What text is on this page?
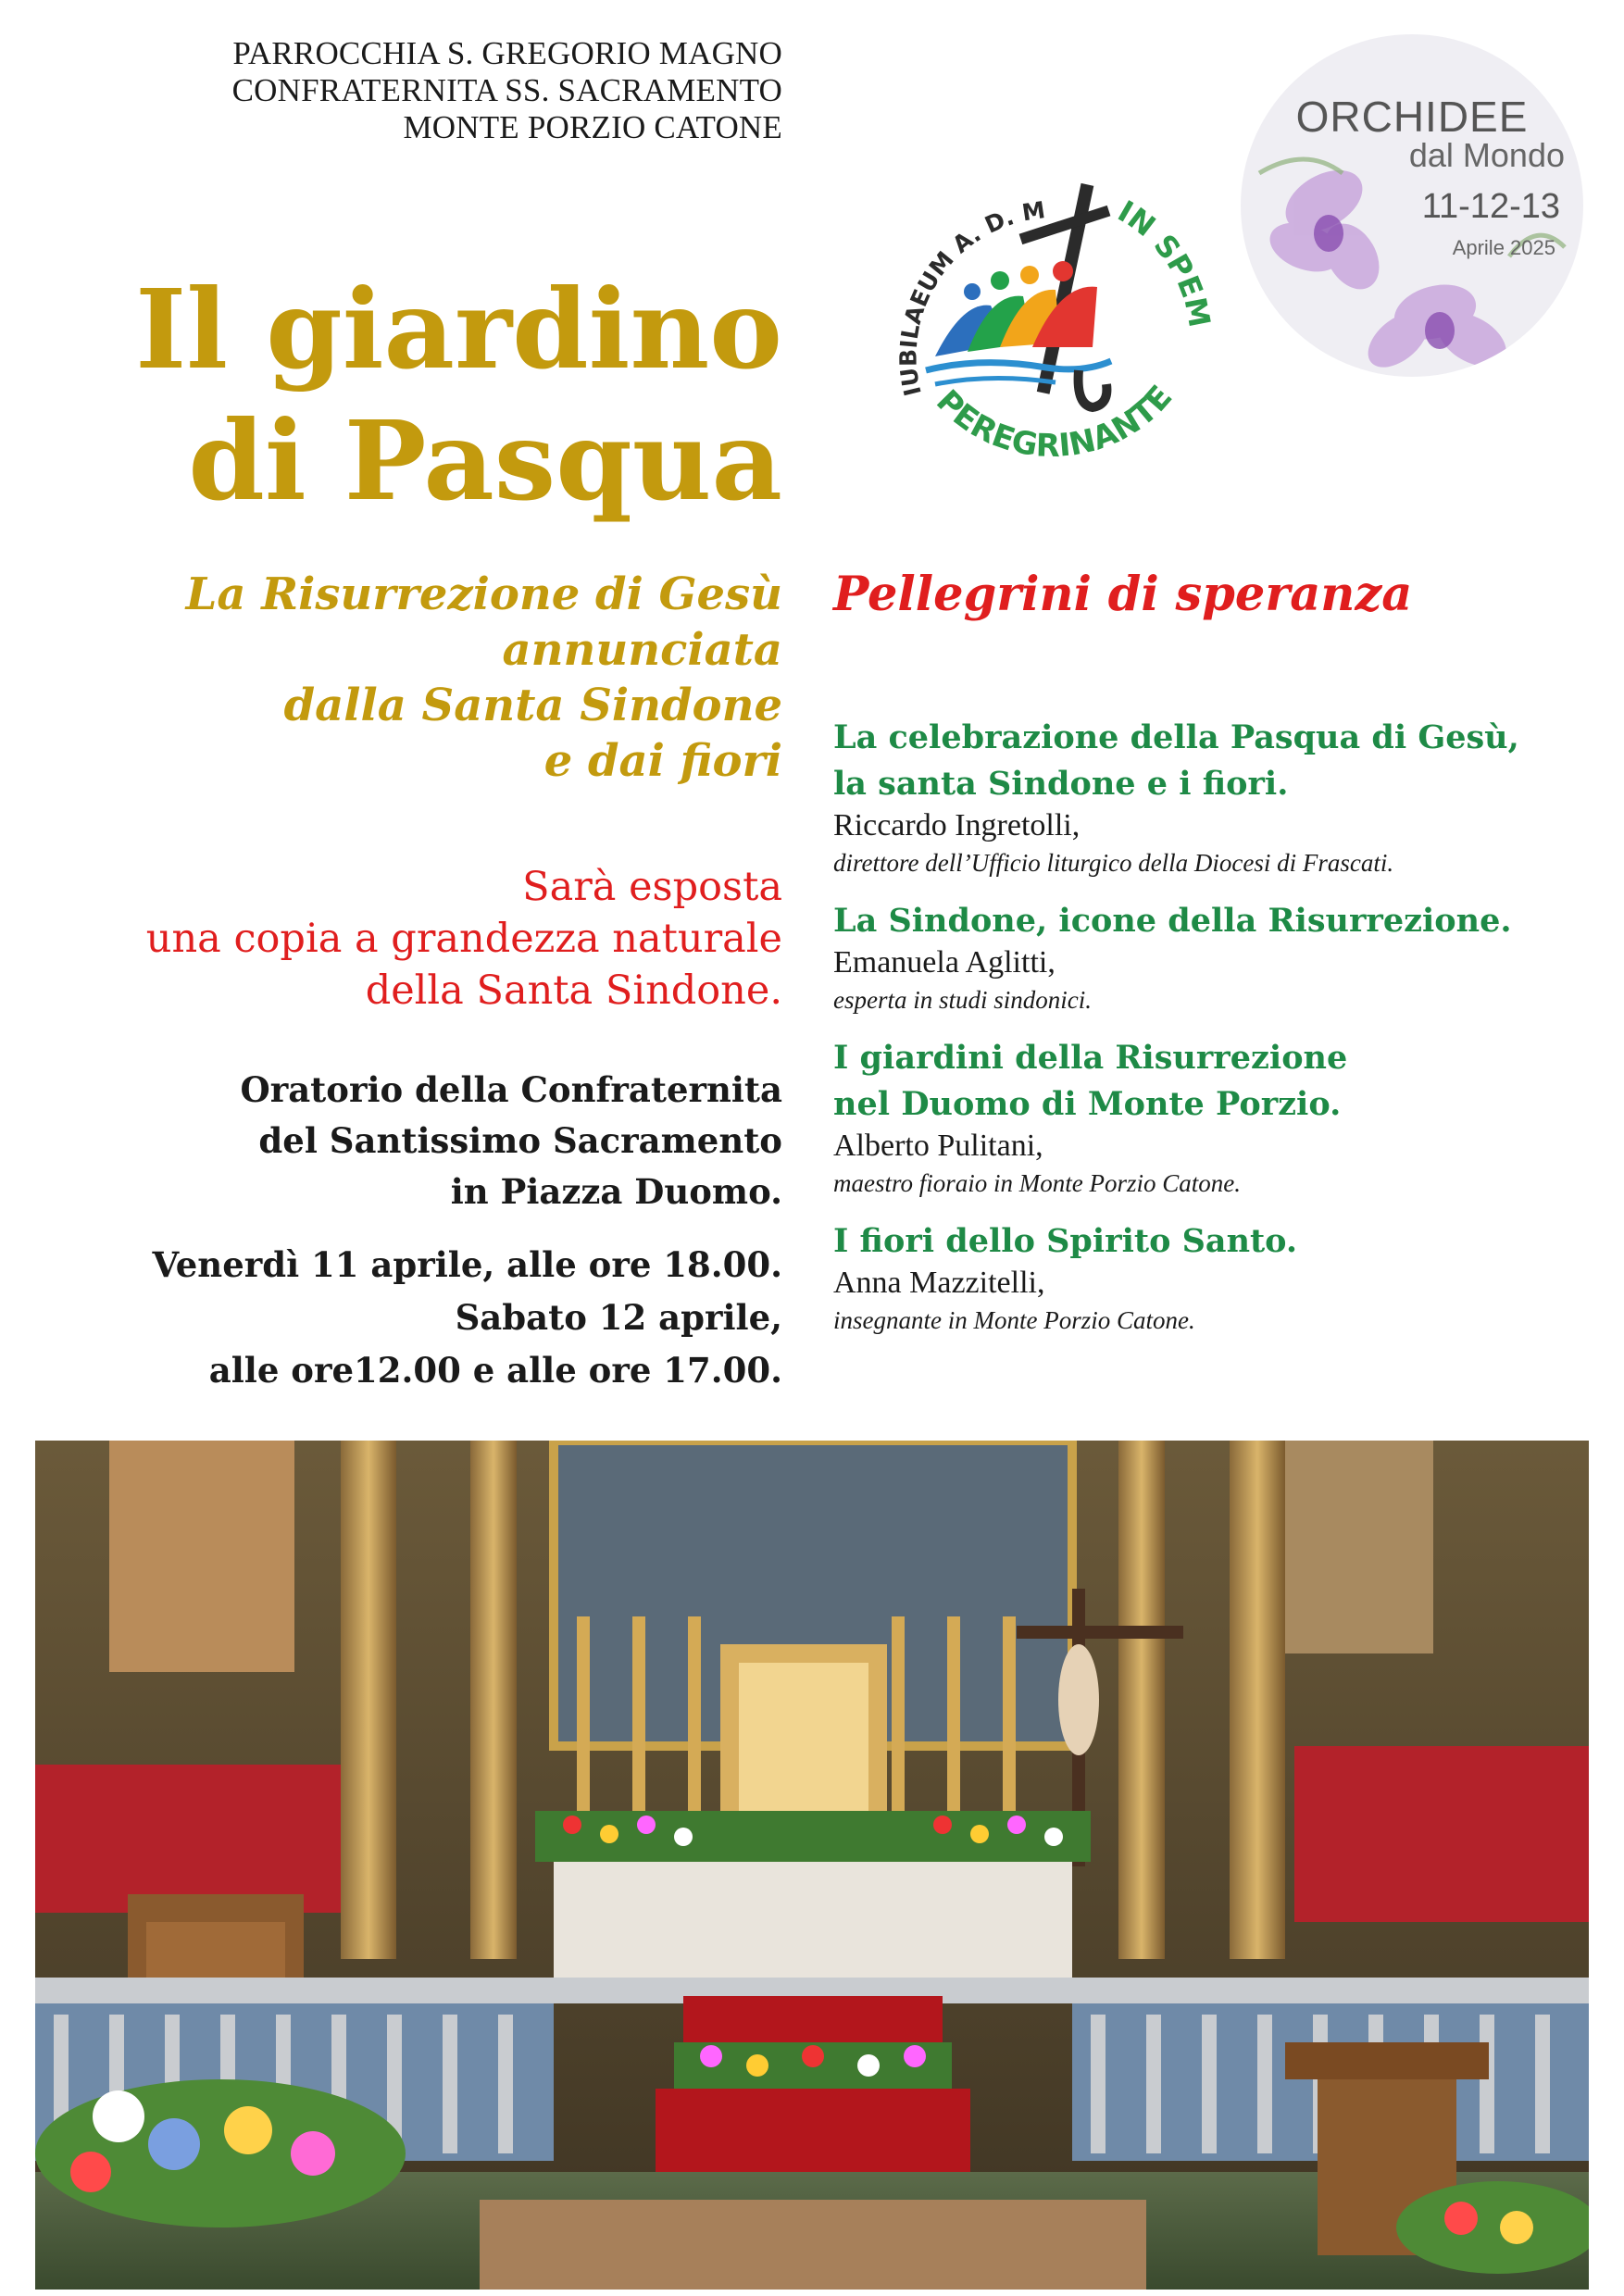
PARROCCHIA S. GREGORIO MAGNO
CONFRATERNITA SS. SACRAMENTO
MONTE PORZIO CATONE
Il giardino
di Pasqua
La Risurrezione di Gesù
annunciata
dalla Santa Sindone
e dai fiori
Sarà esposta
una copia a grandezza naturale
della Santa Sindone.
Oratorio della Confraternita
del Santissimo Sacramento
in Piazza Duomo.
Venerdì 11 aprile, alle ore 18.00.
Sabato 12 aprile,
alle ore12.00 e alle ore 17.00.
Pellegrini di speranza
La celebrazione della Pasqua di Gesù,
la santa Sindone e i fiori.
Riccardo Ingretolli,
direttore dell’Ufficio liturgico della Diocesi di Frascati.
La Sindone, icone della Risurrezione.
Emanuela Aglitti,
esperta in studi sindonici.
I giardini della Risurrezione
nel Duomo di Monte Porzio.
Alberto Pulitani,
maestro fioraio in Monte Porzio Catone.
I fiori dello Spirito Santo.
Anna Mazzitelli,
insegnante in Monte Porzio Catone.
IUBILAEUM A. D. M IN SPEM
PEREGRINANTE
ORCHIDEE
dal Mondo
11-12-13
Aprile 2025
